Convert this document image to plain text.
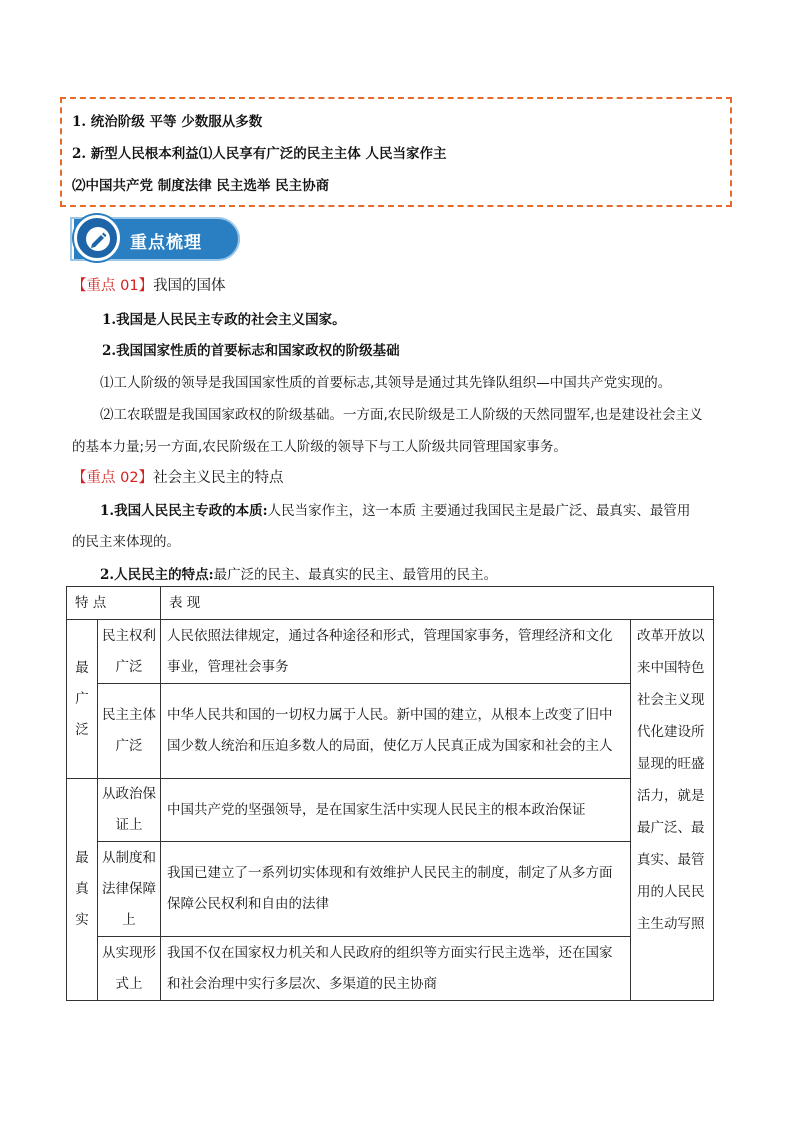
1. 统治阶级 平等 少数服从多数
2. 新型人民根本利益⑴人民享有广泛的民主主体 人民当家作主
⑵中国共产党 制度法律 民主选举 民主协商
重点梳理
【重点 01】我国的国体
1.我国是人民民主专政的社会主义国家。
2.我国国家性质的首要标志和国家政权的阶级基础
⑴工人阶级的领导是我国国家性质的首要标志,其领导是通过其先锋队组织—中国共产党实现的。
⑵工农联盟是我国国家政权的阶级基础。一方面,农民阶级是工人阶级的天然同盟军,也是建设社会主义
的基本力量;另一方面,农民阶级在工人阶级的领导下与工人阶级共同管理国家事务。
【重点 02】社会主义民主的特点
1.我国人民民主专政的本质:人民当家作主，这一本质 主要通过我国民主是最广泛、最真实、最管用
的民主来体现的。
2.人民民主的特点:最广泛的民主、最真实的民主、最管用的民主。
特 点		表 现	
最广泛	民主权利广泛	人民依照法律规定，通过各种途径和形式，管理国家事务，管理经济和文化事业，管理社会事务	改革开放以来中国特色社会主义现代化建设所显现的旺盛活力，就是最广泛、最真实、最管用的人民民主生动写照
	民主主体广泛	中华人民共和国的一切权力属于人民。新中国的建立，从根本上改变了旧中国少数人统治和压迫多数人的局面，使亿万人民真正成为国家和社会的主人	
最真实	从政治保证上	中国共产党的坚强领导，是在国家生活中实现人民民主的根本政治保证	
	从制度和法律保障上	我国已建立了一系列切实体现和有效维护人民民主的制度，制定了从多方面保障公民权利和自由的法律	
	从实现形式上	我国不仅在国家权力机关和人民政府的组织等方面实行民主选举，还在国家和社会治理中实行多层次、多渠道的民主协商	
